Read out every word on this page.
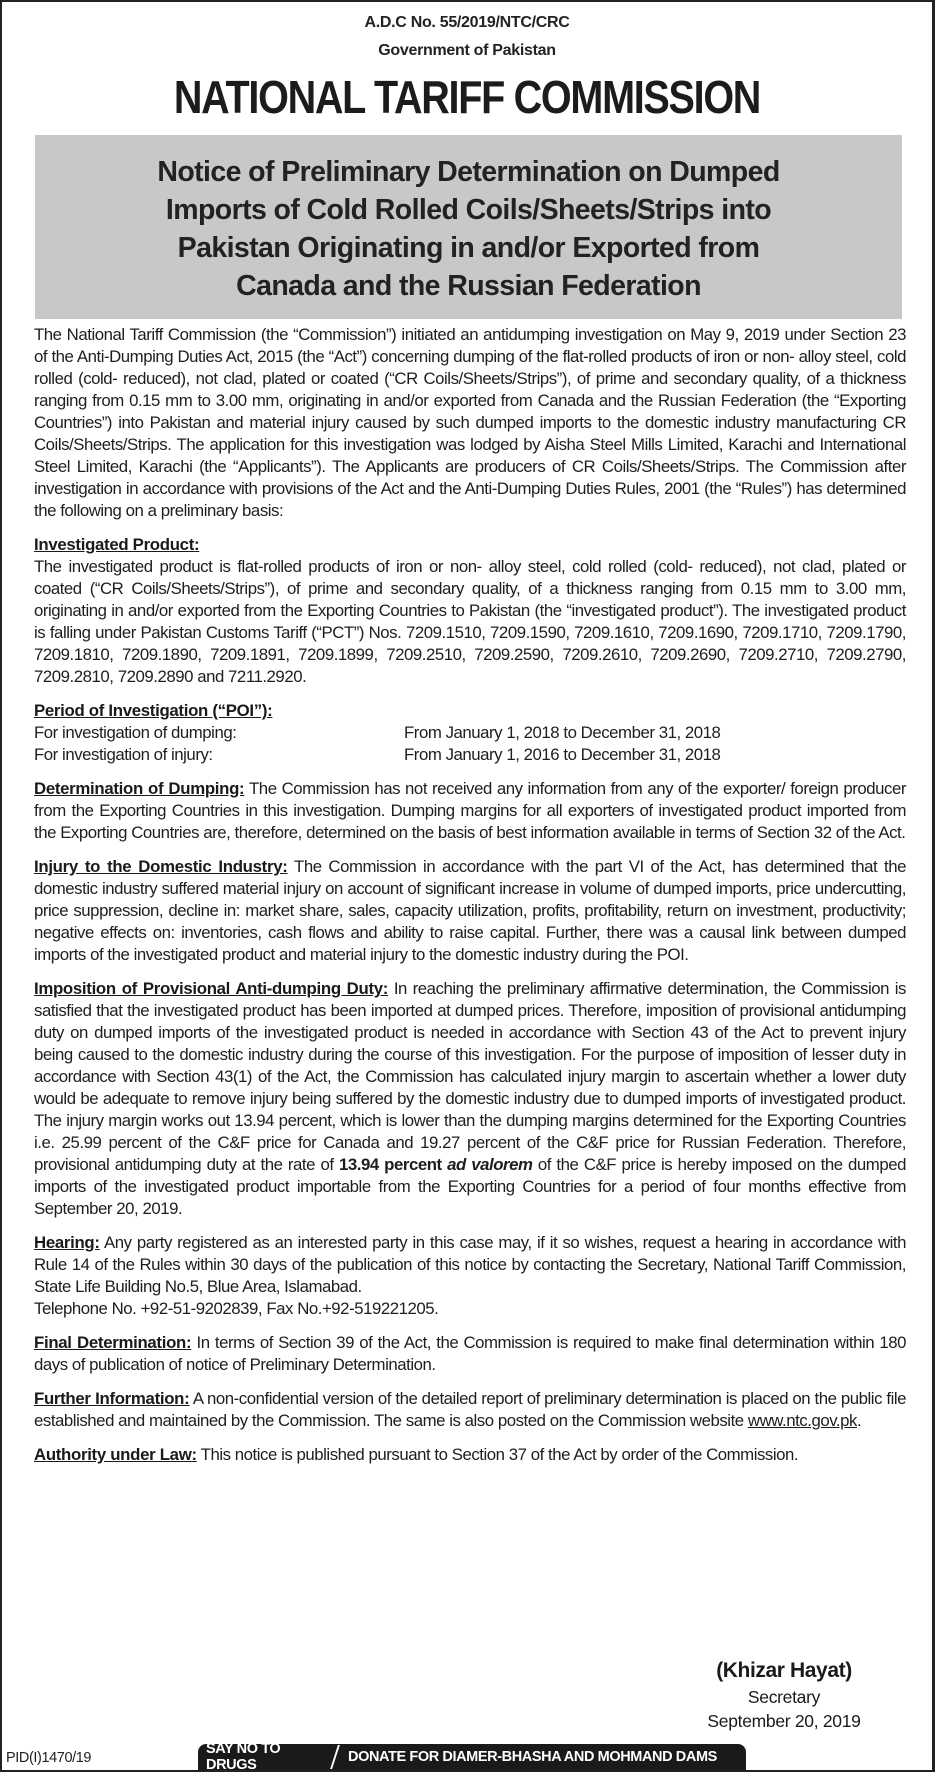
A.D.C No. 55/2019/NTC/CRC
Government of Pakistan
NATIONAL TARIFF COMMISSION
Notice of Preliminary Determination on Dumped
Imports of Cold Rolled Coils/Sheets/Strips into
Pakistan Originating in and/or Exported from
Canada and the Russian Federation

The National Tariff Commission (the “Commission”) initiated an antidumping investigation on May 9, 2019 under Section 23 of the Anti-Dumping Duties Act, 2015 (the “Act”) concerning dumping of the flat-rolled products of iron or non- alloy steel, cold rolled (cold- reduced), not clad, plated or coated (“CR Coils/Sheets/Strips”), of prime and secondary quality, of a thickness ranging from 0.15 mm to 3.00 mm, originating in and/or exported from Canada and the Russian Federation (the “Exporting Countries”) into Pakistan and material injury caused by such dumped imports to the domestic industry manufacturing CR Coils/Sheets/Strips. The application for this investigation was lodged by Aisha Steel Mills Limited, Karachi and International Steel Limited, Karachi (the “Applicants”). The Applicants are producers of CR Coils/Sheets/Strips. The Commission after investigation in accordance with provisions of the Act and the Anti-Dumping Duties Rules, 2001 (the “Rules”) has determined the following on a preliminary basis:

Investigated Product:

The investigated product is flat-rolled products of iron or non- alloy steel, cold rolled (cold- reduced), not clad, plated or coated (“CR Coils/Sheets/Strips”), of prime and secondary quality, of a thickness ranging from 0.15 mm to 3.00 mm, originating in and/or exported from the Exporting Countries to Pakistan (the “investigated product”). The investigated product is falling under Pakistan Customs Tariff (“PCT”) Nos. 7209.1510, 7209.1590, 7209.1610, 7209.1690, 7209.1710, 7209.1790, 7209.1810, 7209.1890, 7209.1891, 7209.1899, 7209.2510, 7209.2590, 7209.2610, 7209.2690, 7209.2710, 7209.2790, 7209.2810, 7209.2890 and 7211.2920.

Period of Investigation (“POI”):
For investigation of dumping:	From January 1, 2018 to December 31, 2018
For investigation of injury:	From January 1, 2016 to December 31, 2018

Determination of Dumping: The Commission has not received any information from any of the exporter/ foreign producer from the Exporting Countries in this investigation. Dumping margins for all exporters of investigated product imported from the Exporting Countries are, therefore, determined on the basis of best information available in terms of Section 32 of the Act.

Injury to the Domestic Industry: The Commission in accordance with the part VI of the Act, has determined that the domestic industry suffered material injury on account of significant increase in volume of dumped imports, price undercutting, price suppression, decline in: market share, sales, capacity utilization, profits, profitability, return on investment, productivity; negative effects on: inventories, cash flows and ability to raise capital. Further, there was a causal link between dumped imports of the investigated product and material injury to the domestic industry during the POI.

Imposition of Provisional Anti-dumping Duty: In reaching the preliminary affirmative determination, the Commission is satisfied that the investigated product has been imported at dumped prices. Therefore, imposition of provisional antidumping duty on dumped imports of the investigated product is needed in accordance with Section 43 of the Act to prevent injury being caused to the domestic industry during the course of this investigation. For the purpose of imposition of lesser duty in accordance with Section 43(1) of the Act, the Commission has calculated injury margin to ascertain whether a lower duty would be adequate to remove injury being suffered by the domestic industry due to dumped imports of investigated product. The injury margin works out 13.94 percent, which is lower than the dumping margins determined for the Exporting Countries i.e. 25.99 percent of the C&F price for Canada and 19.27 percent of the C&F price for Russian Federation. Therefore, provisional antidumping duty at the rate of 13.94 percent ad valorem of the C&F price is hereby imposed on the dumped imports of the investigated product importable from the Exporting Countries for a period of four months effective from September 20, 2019.

Hearing: Any party registered as an interested party in this case may, if it so wishes, request a hearing in accordance with Rule 14 of the Rules within 30 days of the publication of this notice by contacting the Secretary, National Tariff Commission, State Life Building No.5, Blue Area, Islamabad.

Telephone No. +92-51-9202839, Fax No.+92-519221205.

Final Determination: In terms of Section 39 of the Act, the Commission is required to make final determination within 180 days of publication of notice of Preliminary Determination.

Further Information: A non-confidential version of the detailed report of preliminary determination is placed on the public file established and maintained by the Commission. The same is also posted on the Commission website www.ntc.gov.pk.

Authority under Law: This notice is published pursuant to Section 37 of the Act by order of the Commission.

(Khizar Hayat)
Secretary
September 20, 2019
PID(I)1470/19
SAY NO TO DRUGS	DONATE FOR DIAMER-BHASHA AND MOHMAND DAMS
